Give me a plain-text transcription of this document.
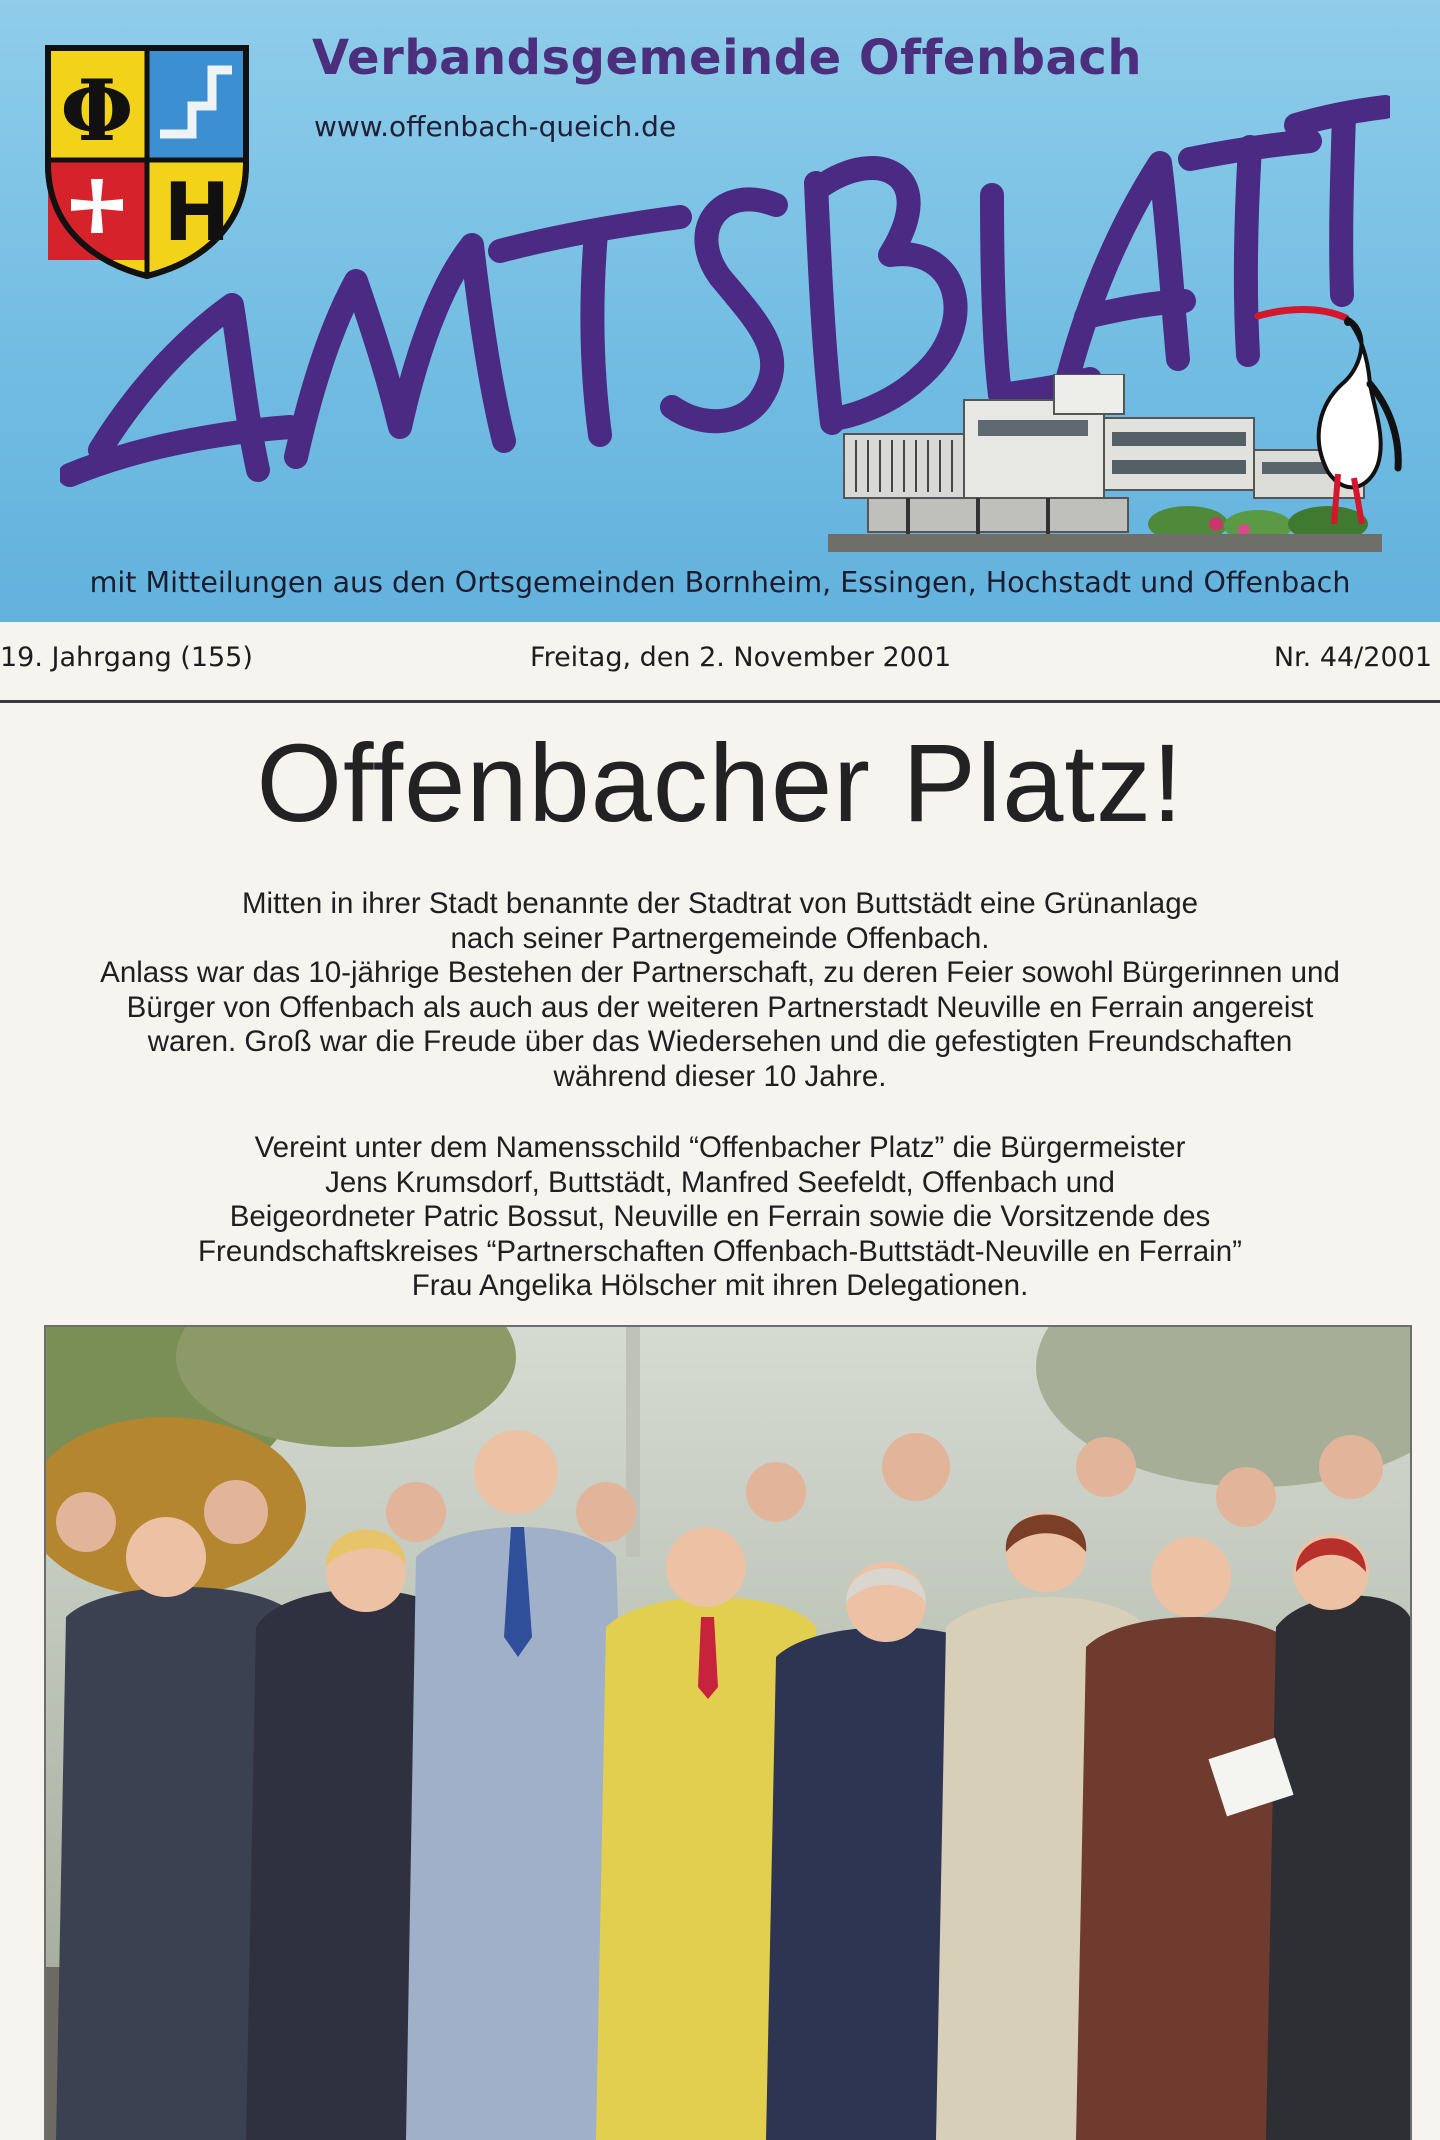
Φ
H
Verbandsgemeinde Offenbach
www.offenbach-queich.de
mit Mitteilungen aus den Ortsgemeinden Bornheim, Essingen, Hochstadt und Offenbach
19. Jahrgang (155)	Freitag, den 2. November 2001	Nr. 44/2001
Offenbacher Platz!
Mitten in ihrer Stadt benannte der Stadtrat von Buttstädt eine Grünanlage
nach seiner Partnergemeinde Offenbach.
Anlass war das 10-jährige Bestehen der Partnerschaft, zu deren Feier sowohl Bürgerinnen und
Bürger von Offenbach als auch aus der weiteren Partnerstadt Neuville en Ferrain angereist
waren. Groß war die Freude über das Wiedersehen und die gefestigten Freundschaften
während dieser 10 Jahre.
Vereint unter dem Namensschild “Offenbacher Platz” die Bürgermeister
Jens Krumsdorf, Buttstädt, Manfred Seefeldt, Offenbach und
Beigeordneter Patric Bossut, Neuville en Ferrain sowie die Vorsitzende des
Freundschaftskreises “Partnerschaften Offenbach-Buttstädt-Neuville en Ferrain”
Frau Angelika Hölscher mit ihren Delegationen.
